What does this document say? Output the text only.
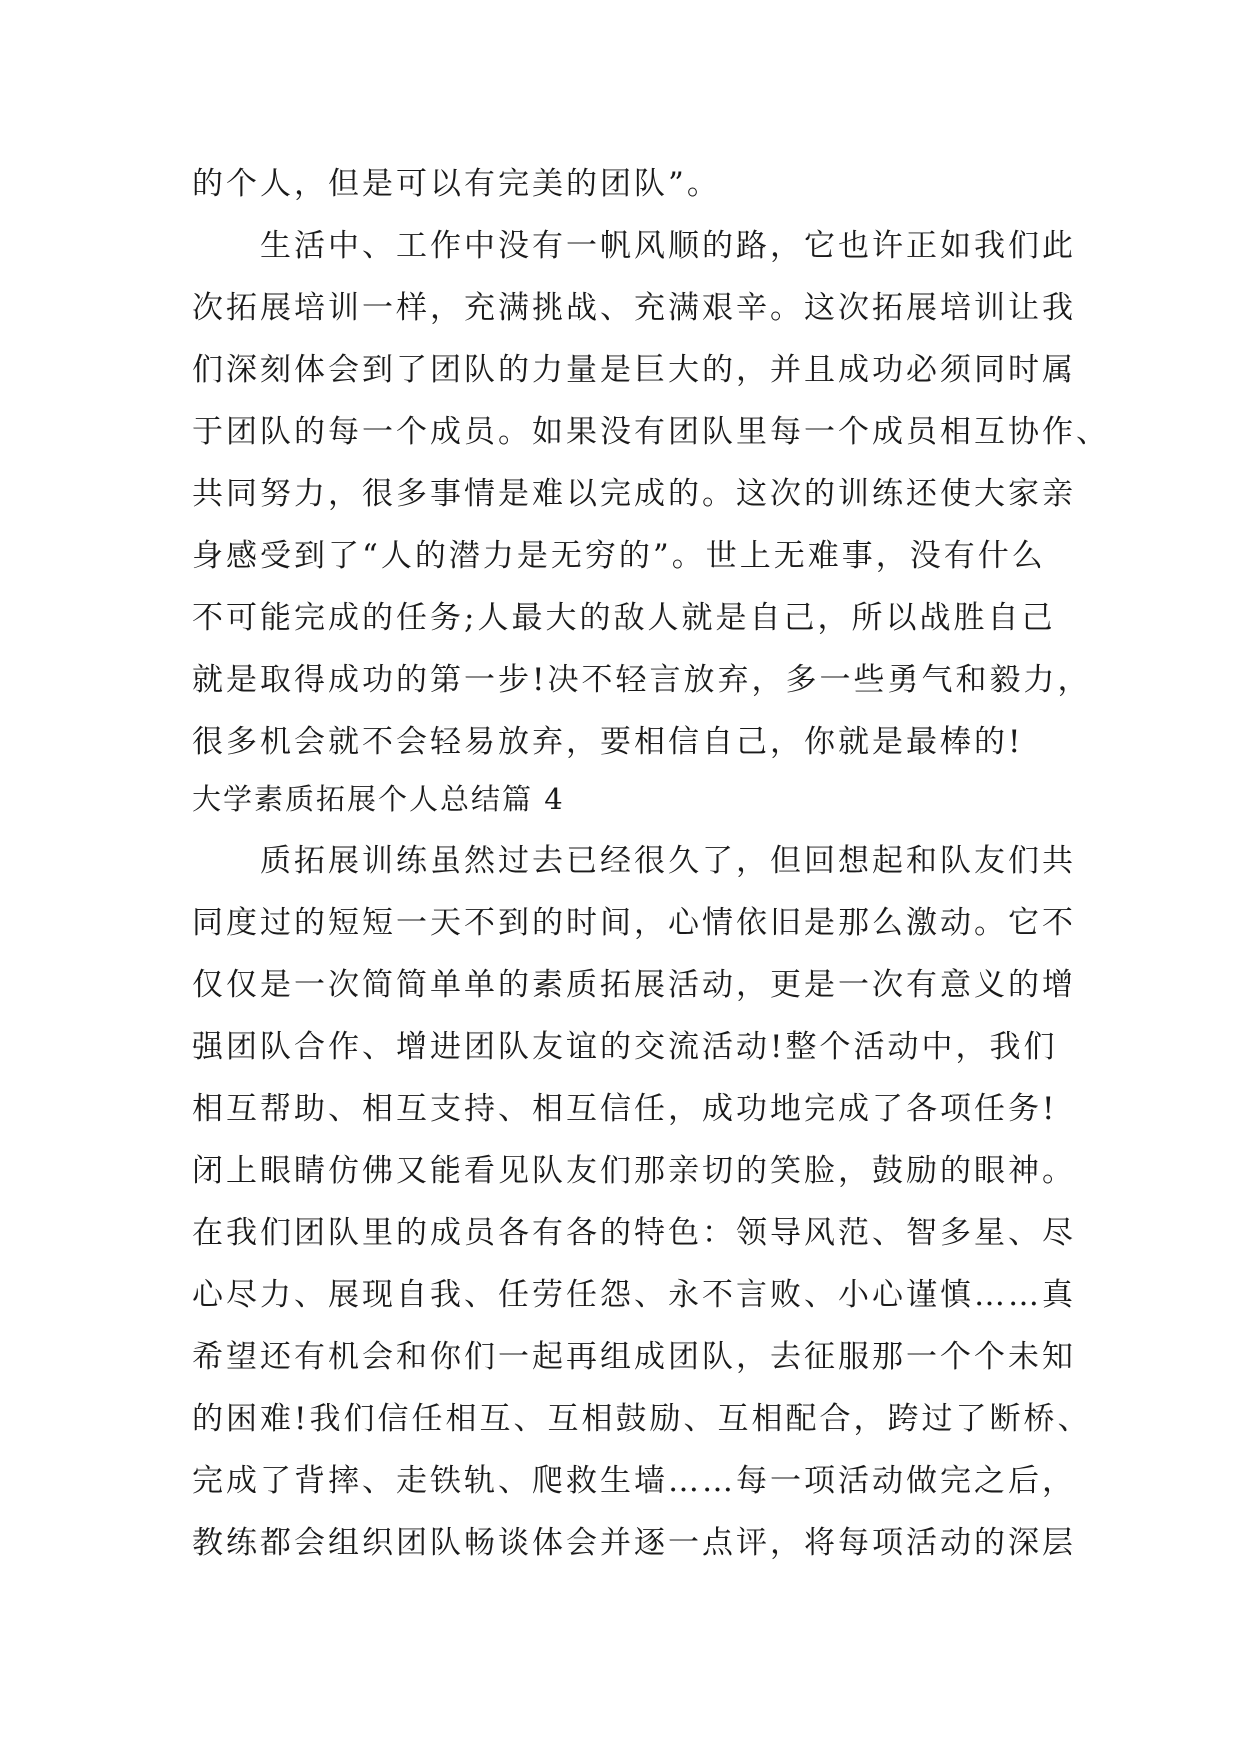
的个人，但是可以有完美的团队”。
　　生活中、工作中没有一帆风顺的路，它也许正如我们此
次拓展培训一样，充满挑战、充满艰辛。这次拓展培训让我
们深刻体会到了团队的力量是巨大的，并且成功必须同时属
于团队的每一个成员。如果没有团队里每一个成员相互协作、
共同努力，很多事情是难以完成的。这次的训练还使大家亲
身感受到了“人的潜力是无穷的”。世上无难事，没有什么
不可能完成的任务;人最大的敌人就是自己，所以战胜自己
就是取得成功的第一步!决不轻言放弃，多一些勇气和毅力，
很多机会就不会轻易放弃，要相信自己，你就是最棒的!
大学素质拓展个人总结篇 4
　　质拓展训练虽然过去已经很久了，但回想起和队友们共
同度过的短短一天不到的时间，心情依旧是那么激动。它不
仅仅是一次简简单单的素质拓展活动，更是一次有意义的增
强团队合作、增进团队友谊的交流活动!整个活动中，我们
相互帮助、相互支持、相互信任，成功地完成了各项任务!
闭上眼睛仿佛又能看见队友们那亲切的笑脸，鼓励的眼神。
在我们团队里的成员各有各的特色：领导风范、智多星、尽
心尽力、展现自我、任劳任怨、永不言败、小心谨慎……真
希望还有机会和你们一起再组成团队，去征服那一个个未知
的困难!我们信任相互、互相鼓励、互相配合，跨过了断桥、
完成了背摔、走铁轨、爬救生墙……每一项活动做完之后，
教练都会组织团队畅谈体会并逐一点评，将每项活动的深层
